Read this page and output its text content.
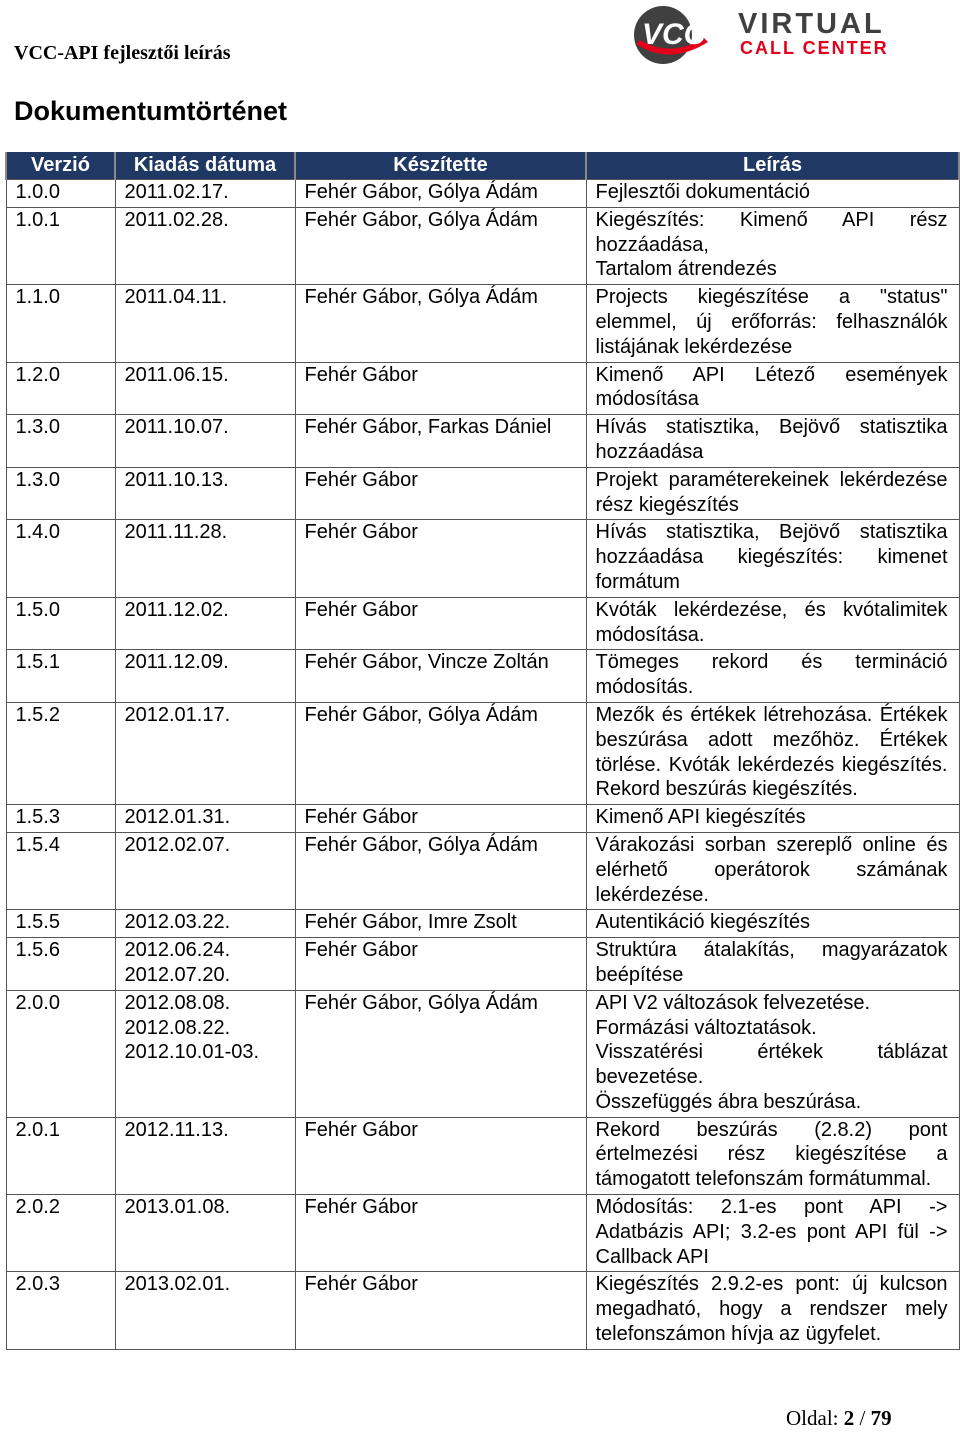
VCC-API fejlesztői leírás
VCC VIRTUAL
CALL CENTER
Dokumentumtörténet
Verzió	Kiadás dátuma	Készítette	Leírás
1.0.0	2011.02.17.	Fehér Gábor, Gólya Ádám	Fejlesztői dokumentáció
1.0.1	2011.02.28.	Fehér Gábor, Gólya Ádám	Kiegészítés: Kimenő API rész hozzáadása,
Tartalom átrendezés
1.1.0	2011.04.11.	Fehér Gábor, Gólya Ádám	Projects kiegészítése a "status" elemmel, új erőforrás: felhasználók listájának lekérdezése
1.2.0	2011.06.15.	Fehér Gábor	Kimenő API Létező események módosítása
1.3.0	2011.10.07.	Fehér Gábor, Farkas Dániel	Hívás statisztika, Bejövő statisztika hozzáadása
1.3.0	2011.10.13.	Fehér Gábor	Projekt paraméterekeinek lekérdezése rész kiegészítés
1.4.0	2011.11.28.	Fehér Gábor	Hívás statisztika, Bejövő statisztika hozzáadása kiegészítés: kimenet formátum
1.5.0	2011.12.02.	Fehér Gábor	Kvóták lekérdezése, és kvótalimitek módosítása.
1.5.1	2011.12.09.	Fehér Gábor, Vincze Zoltán	Tömeges rekord és termináció módosítás.
1.5.2	2012.01.17.	Fehér Gábor, Gólya Ádám	Mezők és értékek létrehozása. Értékek beszúrása adott mezőhöz. Értékek törlése. Kvóták lekérdezés kiegészítés. Rekord beszúrás kiegészítés.
1.5.3	2012.01.31.	Fehér Gábor	Kimenő API kiegészítés
1.5.4	2012.02.07.	Fehér Gábor, Gólya Ádám	Várakozási sorban szereplő online és elérhető operátorok számának lekérdezése.
1.5.5	2012.03.22.	Fehér Gábor, Imre Zsolt	Autentikáció kiegészítés
1.5.6	2012.06.24.
2012.07.20.	Fehér Gábor	Struktúra átalakítás, magyarázatok beépítése
2.0.0	2012.08.08.
2012.08.22.
2012.10.01-03.	Fehér Gábor, Gólya Ádám	API V2 változások felvezetése.
Formázási változtatások.
Visszatérési értékek táblázat bevezetése.
Összefüggés ábra beszúrása.
2.0.1	2012.11.13.	Fehér Gábor	Rekord beszúrás (2.8.2) pont értelmezési rész kiegészítése a támogatott telefonszám formátummal.
2.0.2	2013.01.08.	Fehér Gábor	Módosítás: 2.1-es pont API -> Adatbázis API; 3.2-es pont API fül -> Callback API
2.0.3	2013.02.01.	Fehér Gábor	Kiegészítés 2.9.2-es pont: új kulcson megadható, hogy a rendszer mely telefonszámon hívja az ügyfelet.
Oldal: 2 / 79
